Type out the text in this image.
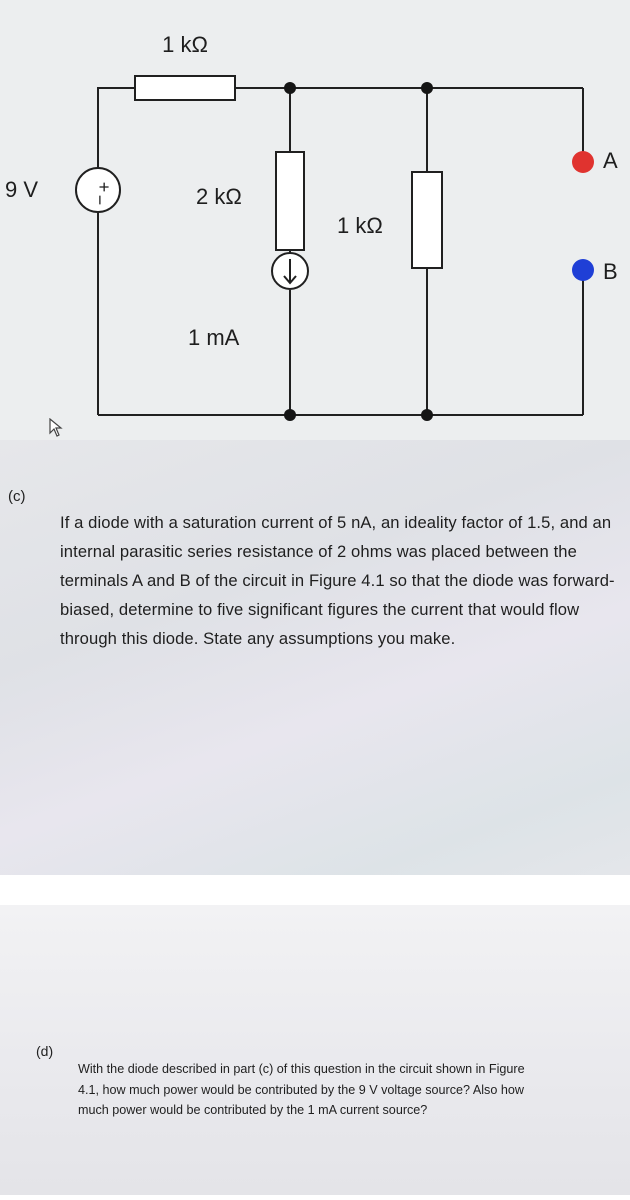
+
−
1 kΩ
9 V	2 kΩ
1 kΩ
1 mA
A
B
(c)

If a diode with a saturation current of 5 nA, an ideality factor of 1.5, and an internal parasitic series resistance of 2 ohms was placed between the terminals A and B of the circuit in Figure 4.1 so that the diode was forward-biased, determine to five significant figures the current that would flow through this diode. State any assumptions you make.

(d)

With the diode described in part (c) of this question in the circuit shown in Figure 4.1, how much power would be contributed by the 9 V voltage source? Also how much power would be contributed by the 1 mA current source?
